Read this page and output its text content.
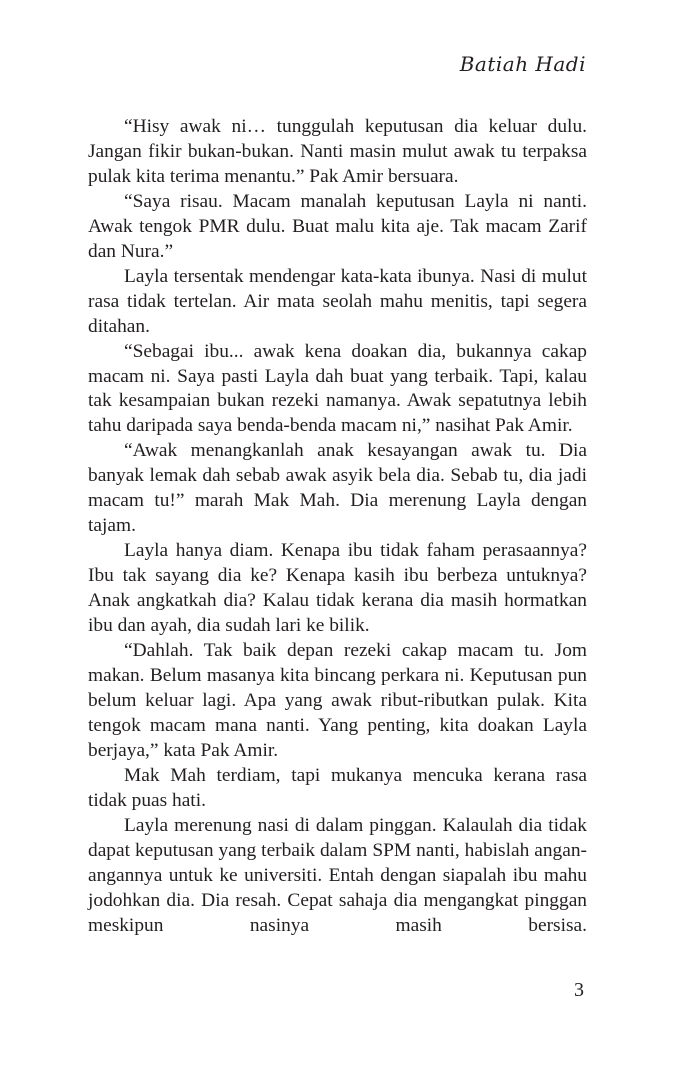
Batiah Hadi

“Hisy awak ni… tunggulah keputusan dia keluar dulu. Jangan fikir bukan-bukan. Nanti masin mulut awak tu terpaksa pulak kita terima menantu.” Pak Amir bersuara.

“Saya risau. Macam manalah keputusan Layla ni nanti. Awak tengok PMR dulu. Buat malu kita aje. Tak macam Zarif dan Nura.”

Layla tersentak mendengar kata-kata ibunya. Nasi di mulut rasa tidak tertelan. Air mata seolah mahu menitis, tapi segera ditahan.

“Sebagai ibu... awak kena doakan dia, bukannya cakap macam ni. Saya pasti Layla dah buat yang terbaik. Tapi, kalau tak kesampaian bukan rezeki namanya. Awak sepatutnya lebih tahu daripada saya benda-benda macam ni,” nasihat Pak Amir.

“Awak menangkanlah anak kesayangan awak tu. Dia banyak lemak dah sebab awak asyik bela dia. Sebab tu, dia jadi macam tu!” marah Mak Mah. Dia merenung Layla dengan tajam.

Layla hanya diam. Kenapa ibu tidak faham perasaannya? Ibu tak sayang dia ke? Kenapa kasih ibu berbeza untuknya? Anak angkatkah dia? Kalau tidak kerana dia masih hormatkan ibu dan ayah, dia sudah lari ke bilik.

“Dahlah. Tak baik depan rezeki cakap macam tu. Jom makan. Belum masanya kita bincang perkara ni. Keputusan pun belum keluar lagi. Apa yang awak ribut-ributkan pulak. Kita tengok macam mana nanti. Yang penting, kita doakan Layla berjaya,” kata Pak Amir.

Mak Mah terdiam, tapi mukanya mencuka kerana rasa tidak puas hati.

Layla merenung nasi di dalam pinggan. Kalaulah dia tidak dapat keputusan yang terbaik dalam SPM nanti, habislah angan-angannya untuk ke universiti. Entah dengan siapalah ibu mahu jodohkan dia. Dia resah. Cepat sahaja dia mengangkat pinggan meskipun nasinya masih bersisa.

3
